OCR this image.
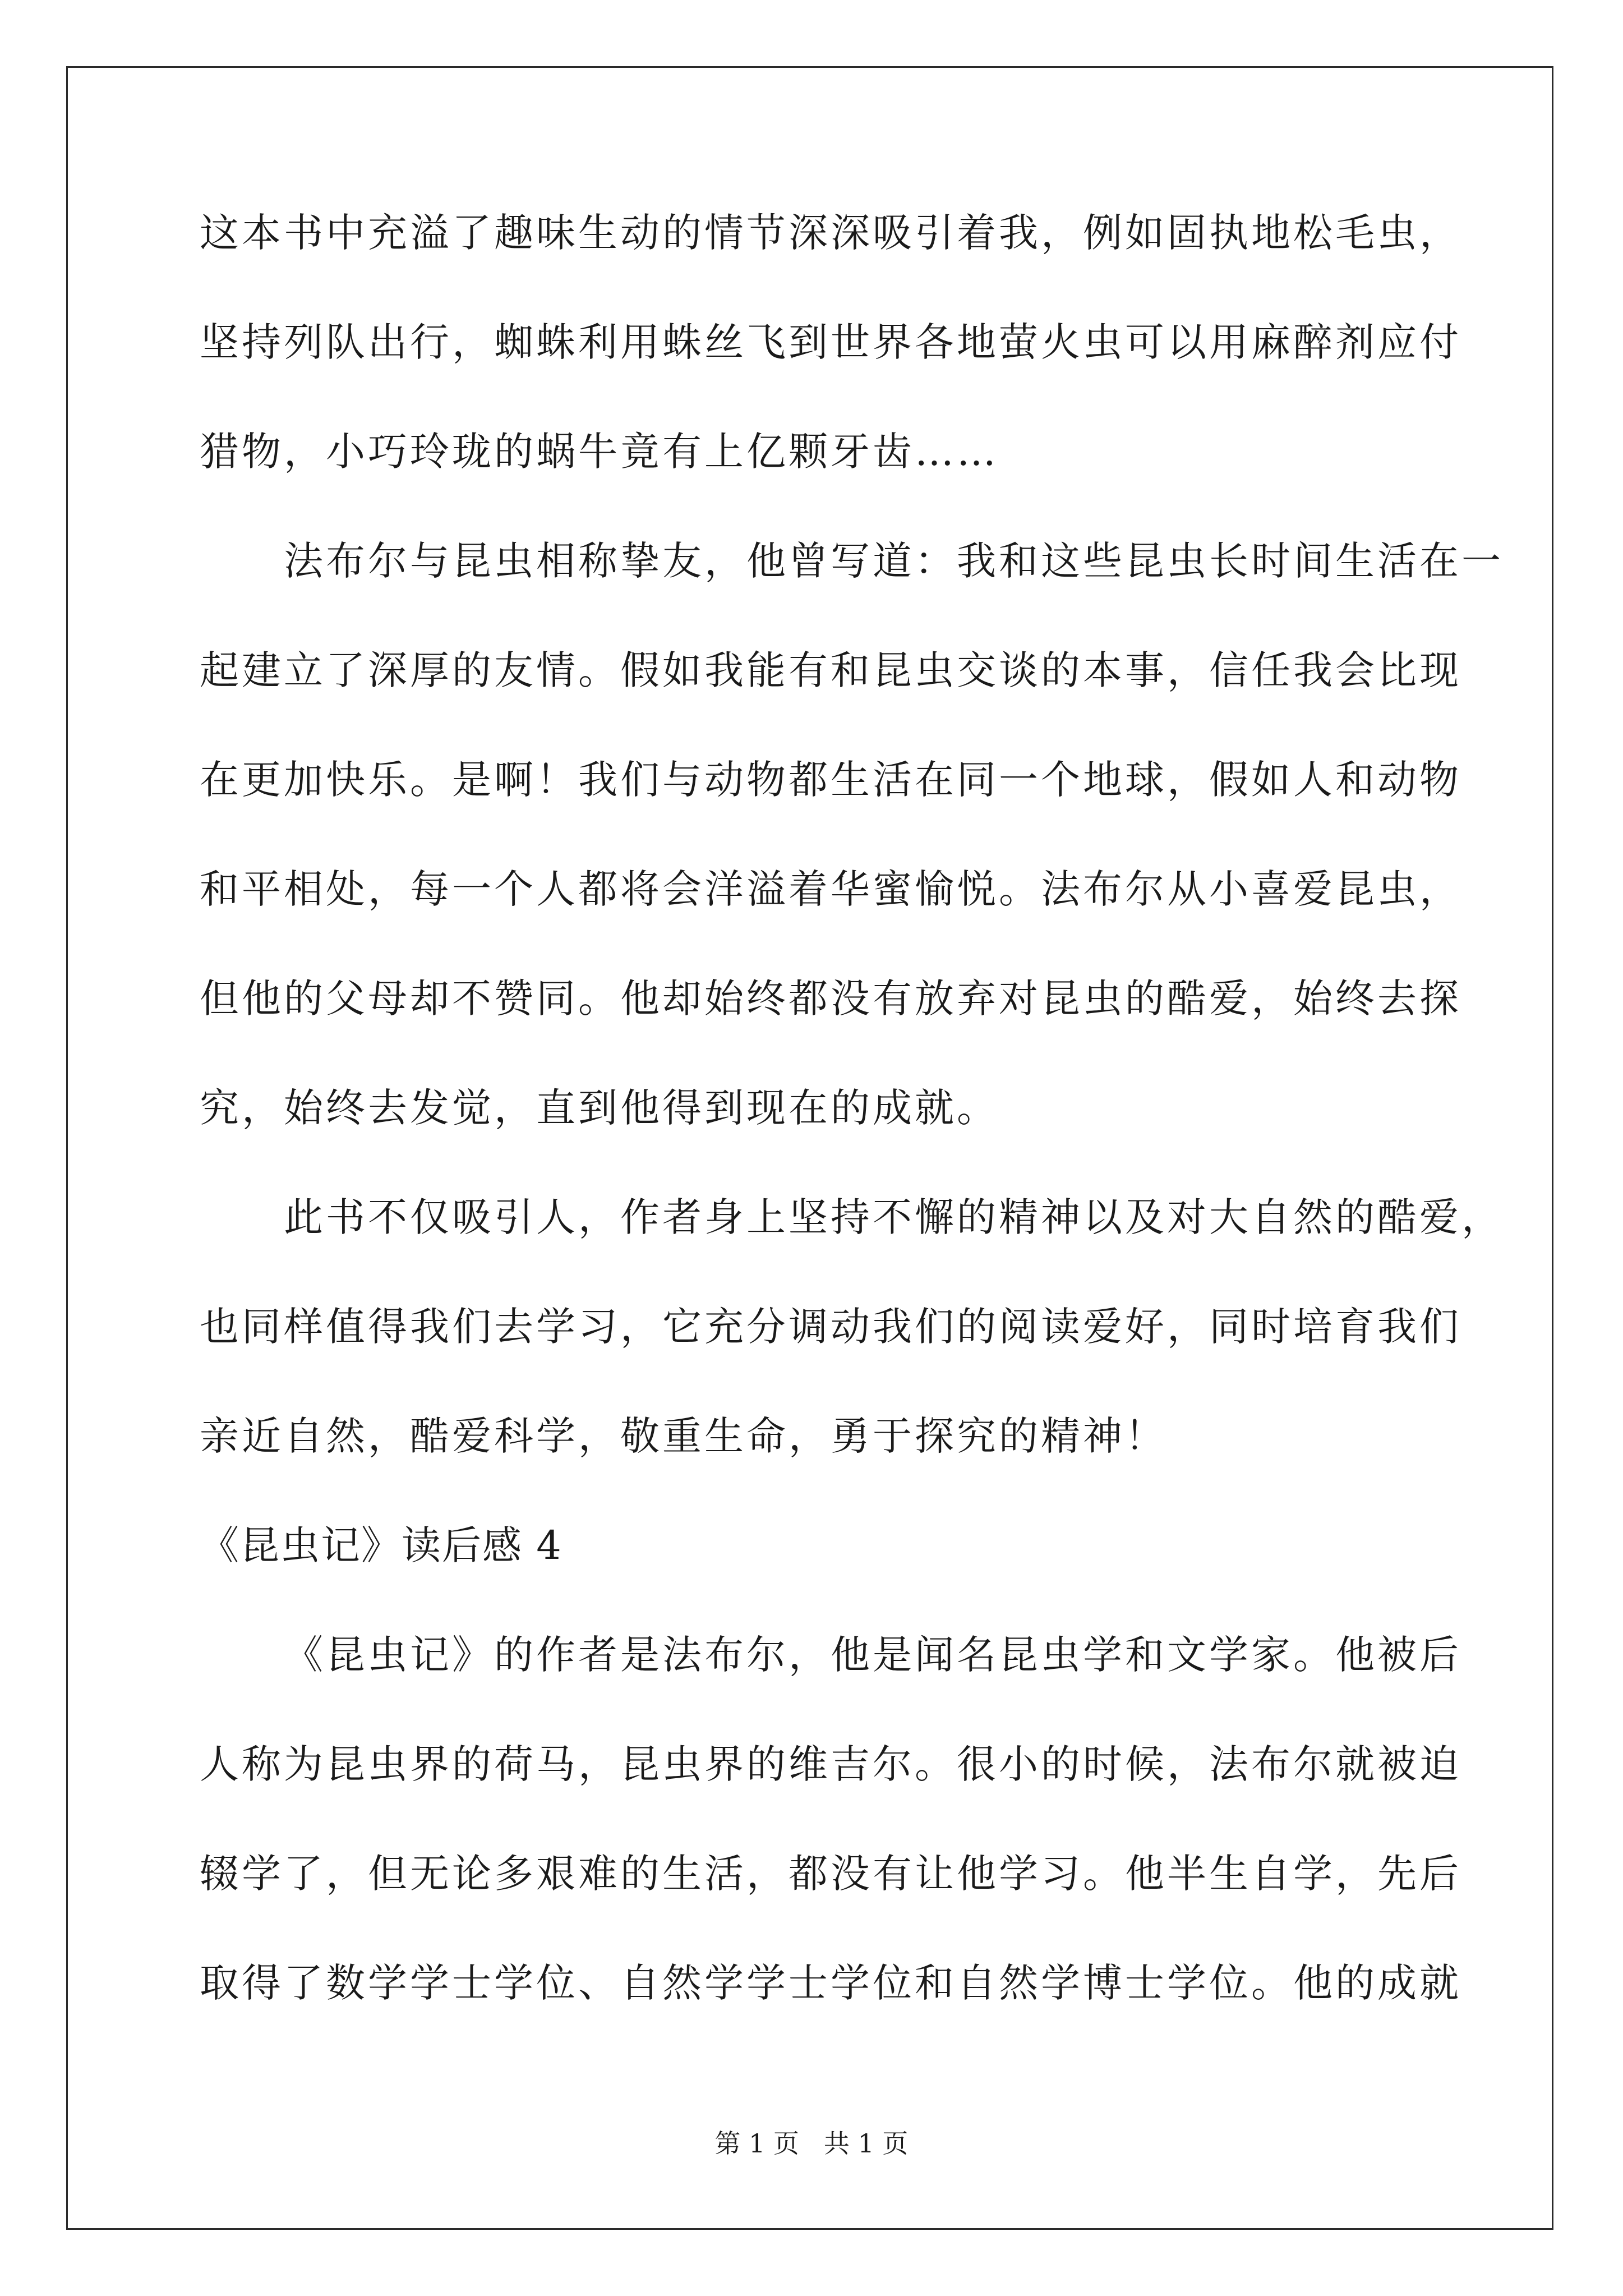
这本书中充溢了趣味生动的情节深深吸引着我，例如固执地松毛虫，
坚持列队出行，蜘蛛利用蛛丝飞到世界各地萤火虫可以用麻醉剂应付
猎物，小巧玲珑的蜗牛竟有上亿颗牙齿……
法布尔与昆虫相称挚友，他曾写道：我和这些昆虫长时间生活在一
起建立了深厚的友情。假如我能有和昆虫交谈的本事，信任我会比现
在更加快乐。是啊！我们与动物都生活在同一个地球，假如人和动物
和平相处，每一个人都将会洋溢着华蜜愉悦。法布尔从小喜爱昆虫，
但他的父母却不赞同。他却始终都没有放弃对昆虫的酷爱，始终去探
究，始终去发觉，直到他得到现在的成就。
此书不仅吸引人，作者身上坚持不懈的精神以及对大自然的酷爱，
也同样值得我们去学习，它充分调动我们的阅读爱好，同时培育我们
亲近自然，酷爱科学，敬重生命，勇于探究的精神！
《昆虫记》读后感 4
《昆虫记》的作者是法布尔，他是闻名昆虫学和文学家。他被后
人称为昆虫界的荷马，昆虫界的维吉尔。很小的时候，法布尔就被迫
辍学了，但无论多艰难的生活，都没有让他学习。他半生自学，先后
取得了数学学士学位、自然学学士学位和自然学博士学位。他的成就
第 1 页   共 1 页
